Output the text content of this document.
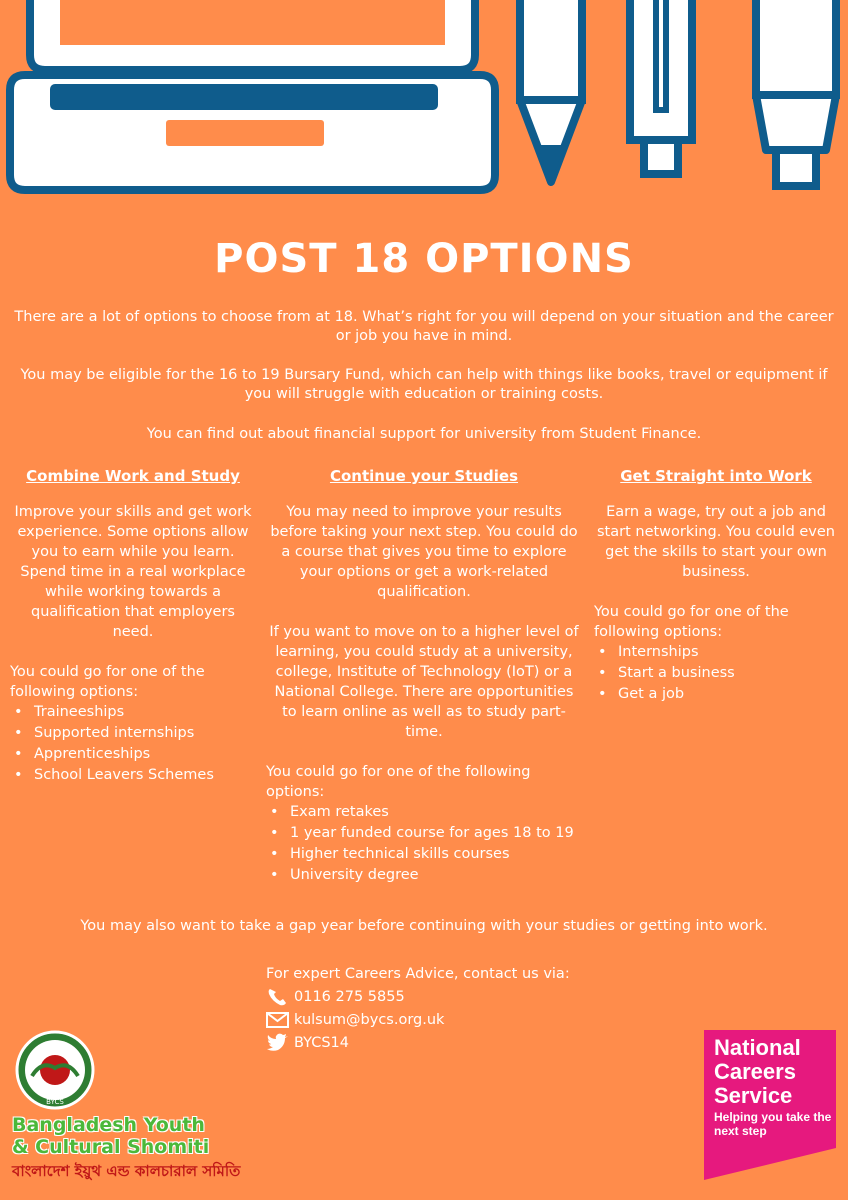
POST 18 OPTIONS

There are a lot of options to choose from at 18. What’s right for you will depend on your situation and the career or job you have in mind.

You may be eligible for the 16 to 19 Bursary Fund, which can help with things like books, travel or equipment if you will struggle with education or training costs.

You can find out about financial support for university from Student Finance.

Combine Work and Study

Improve your skills and get work experience. Some options allow you to earn while you learn. Spend time in a real workplace while working towards a qualification that employers need.

You could go for one of the following options:

• Traineeships
• Supported internships
• Apprenticeships
• School Leavers Schemes
Continue your Studies

You may need to improve your results before taking your next step. You could do a course that gives you time to explore your options or get a work-related qualification.

If you want to move on to a higher level of learning, you could study at a university, college, Institute of Technology (IoT) or a National College. There are opportunities to learn online as well as to study part-time.

You could go for one of the following options:

• Exam retakes
• 1 year funded course for ages 18 to 19
• Higher technical skills courses
• University degree
Get Straight into Work

Earn a wage, try out a job and start networking. You could even get the skills to start your own business.

You could go for one of the following options:

• Internships
• Start a business
• Get a job

You may also want to take a gap year before continuing with your studies or getting into work.

For expert Careers Advice, contact us via:
0116 275 5855
kulsum@bycs.org.uk
BYCS14
BYCS

Bangladesh Youth

& Cultural Shomiti

বাংলাদেশ ইয়ুথ এন্ড কালচারাল সমিতি

National Careers Service

Helping you take the next step
